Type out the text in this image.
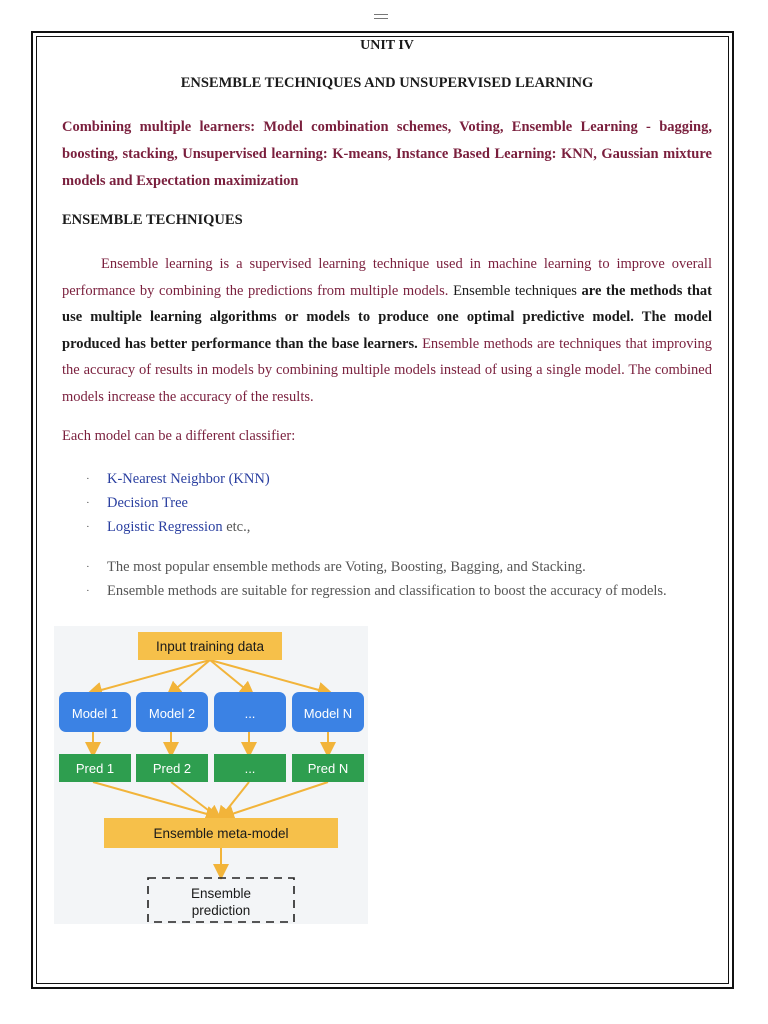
UNIT IV

ENSEMBLE TECHNIQUES AND UNSUPERVISED LEARNING

Combining multiple learners: Model combination schemes, Voting, Ensemble Learning - bagging, boosting, stacking, Unsupervised learning: K-means, Instance Based Learning: KNN, Gaussian mixture models and Expectation maximization

ENSEMBLE TECHNIQUES

Ensemble learning is a supervised learning technique used in machine learning to improve overall performance by combining the predictions from multiple models. Ensemble techniques are the methods that use multiple learning algorithms or models to produce one optimal predictive model. The model produced has better performance than the base learners. Ensemble methods are techniques that improving the accuracy of results in models by combining multiple models instead of using a single model. The combined models increase the accuracy of the results.

Each model can be a different classifier:

· K-Nearest Neighbor (KNN)
· Decision Tree
· Logistic Regression etc.,
· The most popular ensemble methods are Voting, Boosting, Bagging, and Stacking.
· Ensemble methods are suitable for regression and classification to boost the accuracy of models.
Input training data
Model 1 Model 2	...	Model N
Pred 1	Pred 2	...	Pred N
Ensemble meta-model
Ensemble
prediction
